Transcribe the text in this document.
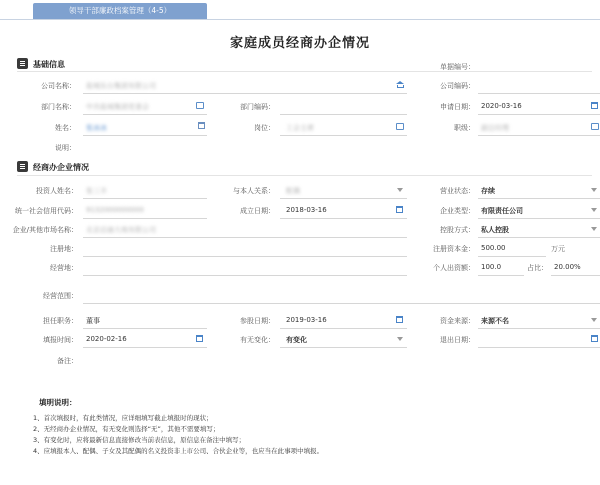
领导干部廉政档案管理（4-5）
家庭成员经商办企情况
基础信息	单据编号：
公司名称： 盐城东台集团有限公司	公司编码：
部门名称： 中共盐城集团党委会	部门编码：	申请日期： 2020-03-16
姓名： 张冰冰	岗位： 工会主席	职级： 副总经理
说明：
经商办企业情况
投资人姓名： 张三丰	与本人关系： 配偶	营业状态： 存续
统一社会信用代码： 9132000000000	成立日期： 2018-03-16	企业类型： 有限责任公司
企业/其他市场名称： 北京启迪大地有限公司	控股方式： 私人控股
注册地：	注册资本金： 500.00	万元
经营地：	个人出资额： 100.0	占比： 20.00%
经营范围：
担任职务： 董事	参股日期： 2019-03-16	资金来源： 来源不名
填报时间： 2020-02-16	有无变化： 有变化	退出日期：
备注：
填明说明：
1、首次填报时，有此类情况，应详细填写截止填报时的现状；
2、无经商办企业情况，有无变化则选择“无”，其他不需要填写；
3、有变化时，应将最新信息直接修改当前表信息，原信息在备注中填写；
4、应填报本人、配偶、子女及其配偶的名义投资非上市公司、合伙企业等，也应当在此事项中填报。
